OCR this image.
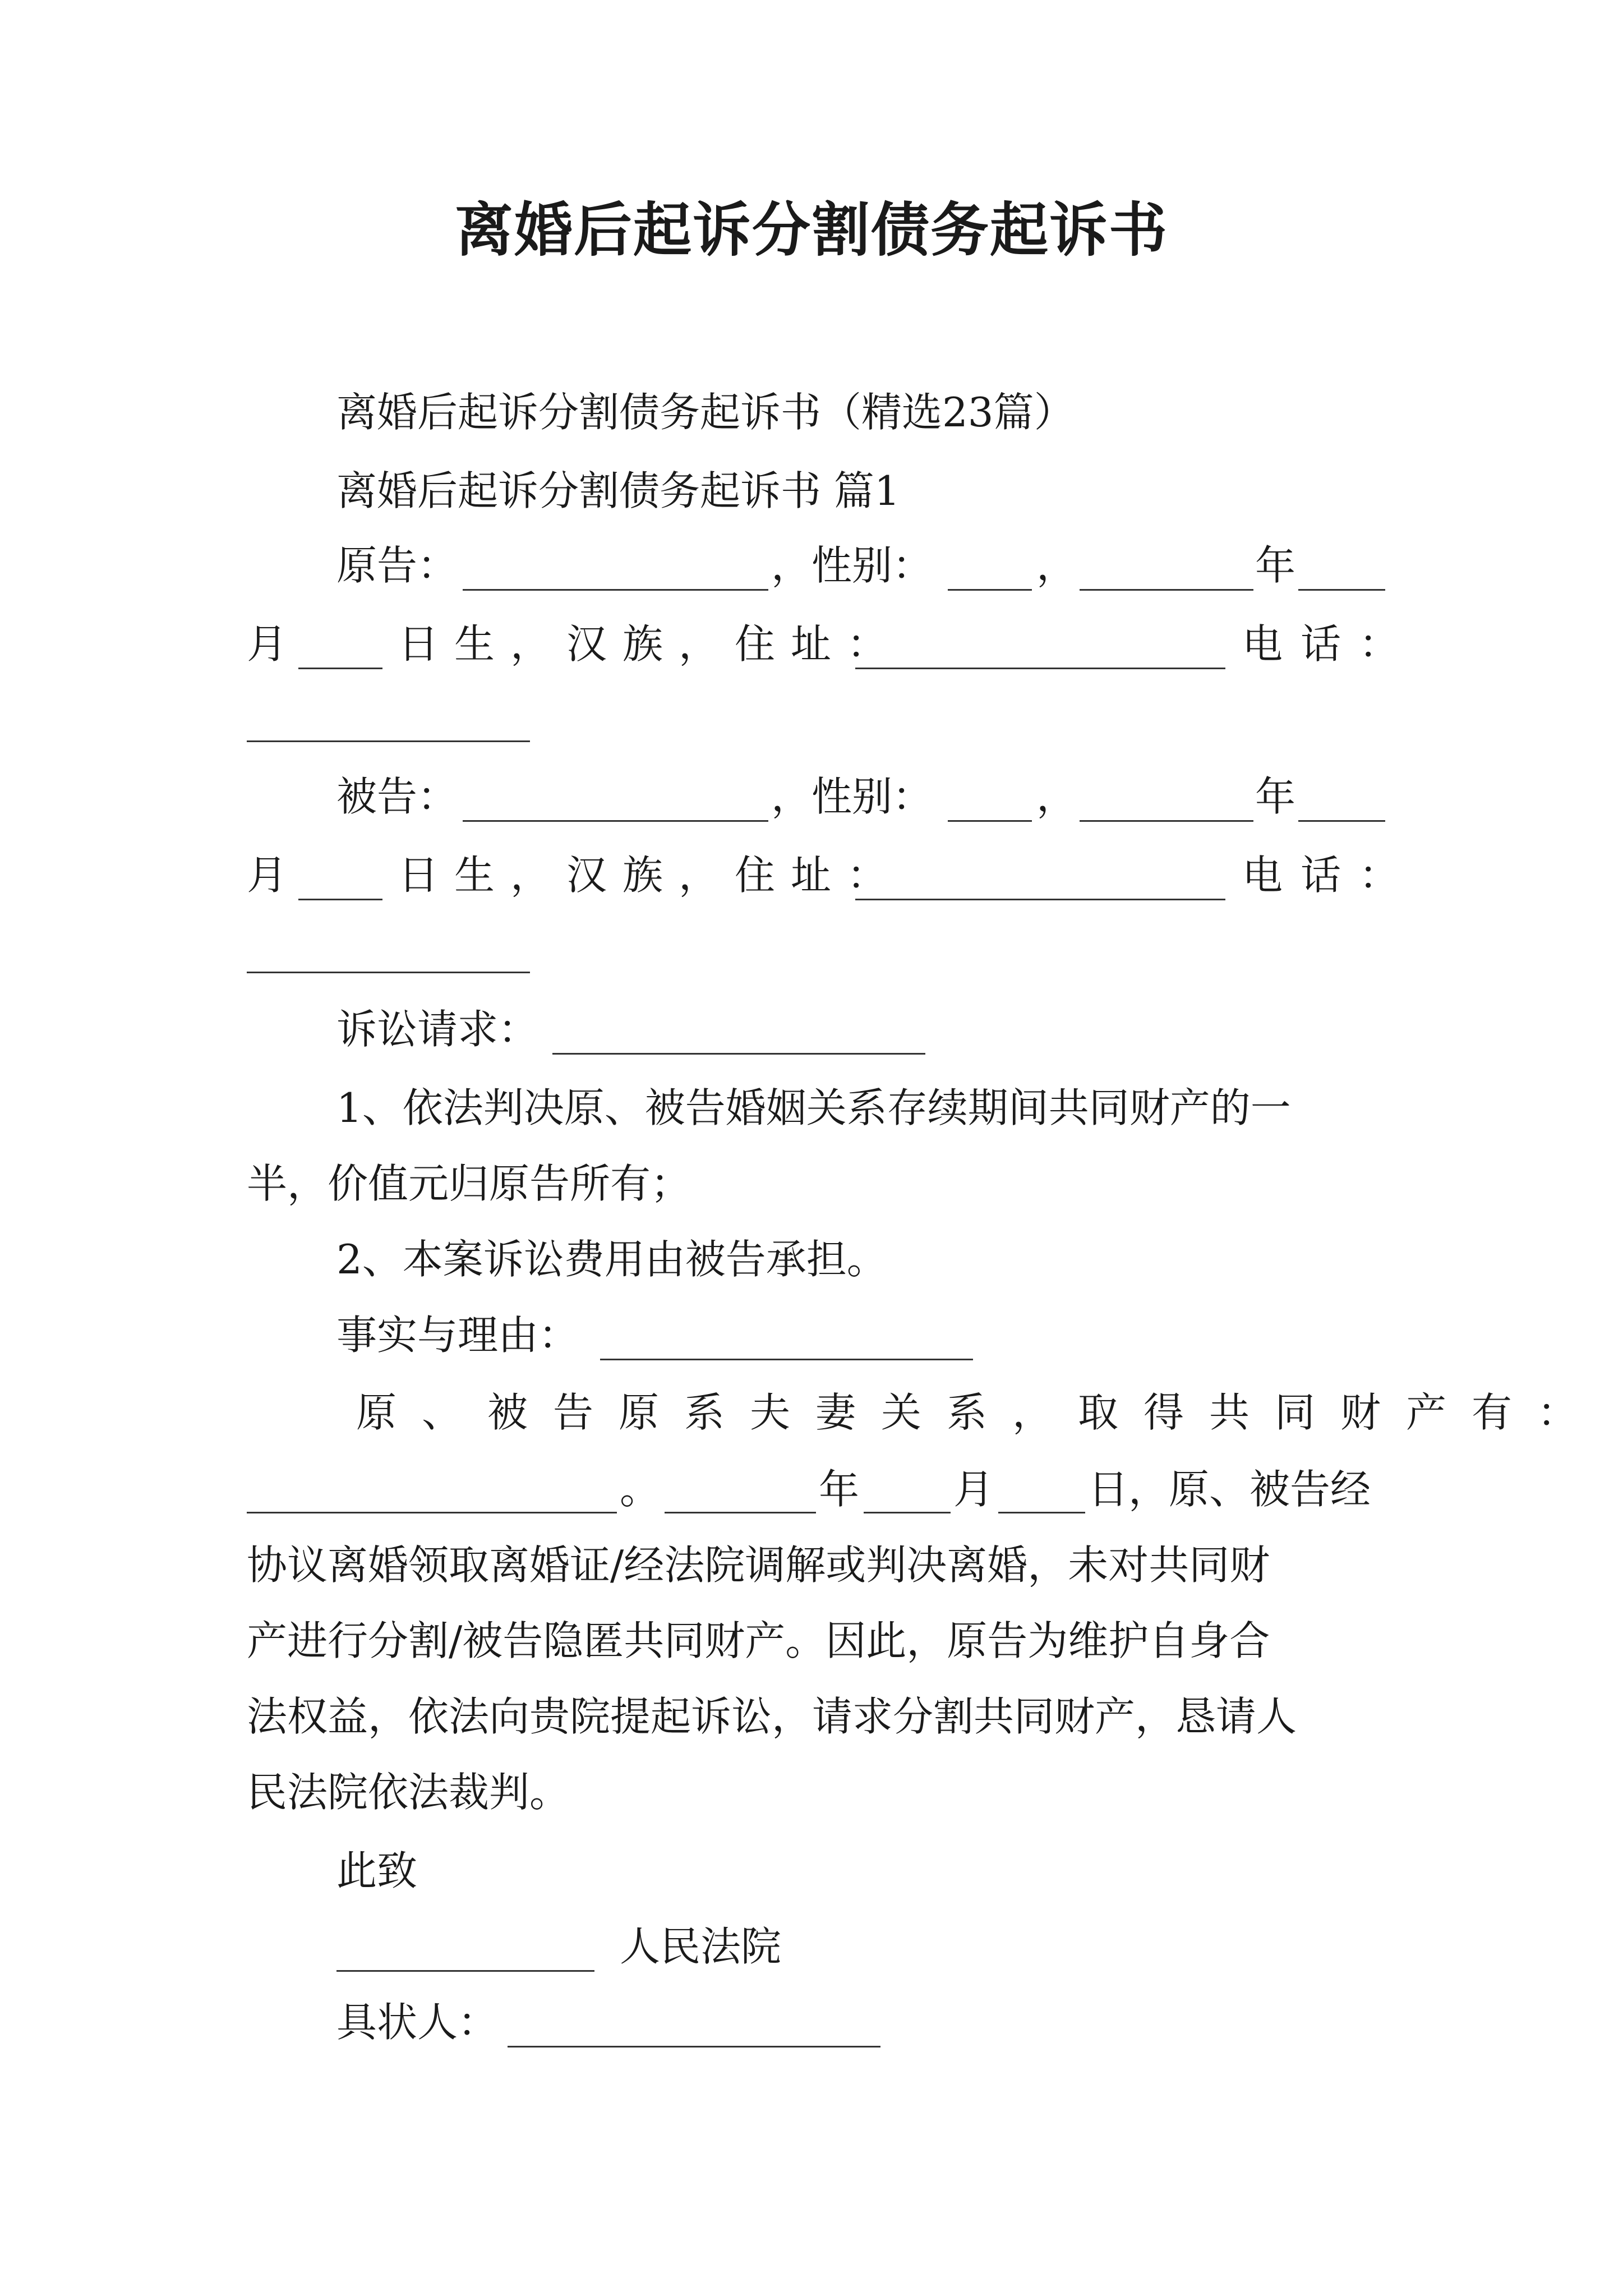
离婚后起诉分割债务起诉书
离婚后起诉分割债务起诉书（精选23篇）
离婚后起诉分割债务起诉书 篇1
原告：	，性别：	，	年
月	日生，汉族，住址：	电话：
被告：	，性别：	，	年
月	日生，汉族，住址：	电话：
诉讼请求：
1、依法判决原、被告婚姻关系存续期间共同财产的一
半，价值元归原告所有；
2、本案诉讼费用由被告承担。
事实与理由：
原、被告原系夫妻关系，取得共同财产有：
。	年 月 日，原、被告经
协议离婚领取离婚证/经法院调解或判决离婚，未对共同财
产进行分割/被告隐匿共同财产。因此，原告为维护自身合
法权益，依法向贵院提起诉讼，请求分割共同财产，恳请人
民法院依法裁判。
此致
人民法院
具状人：
